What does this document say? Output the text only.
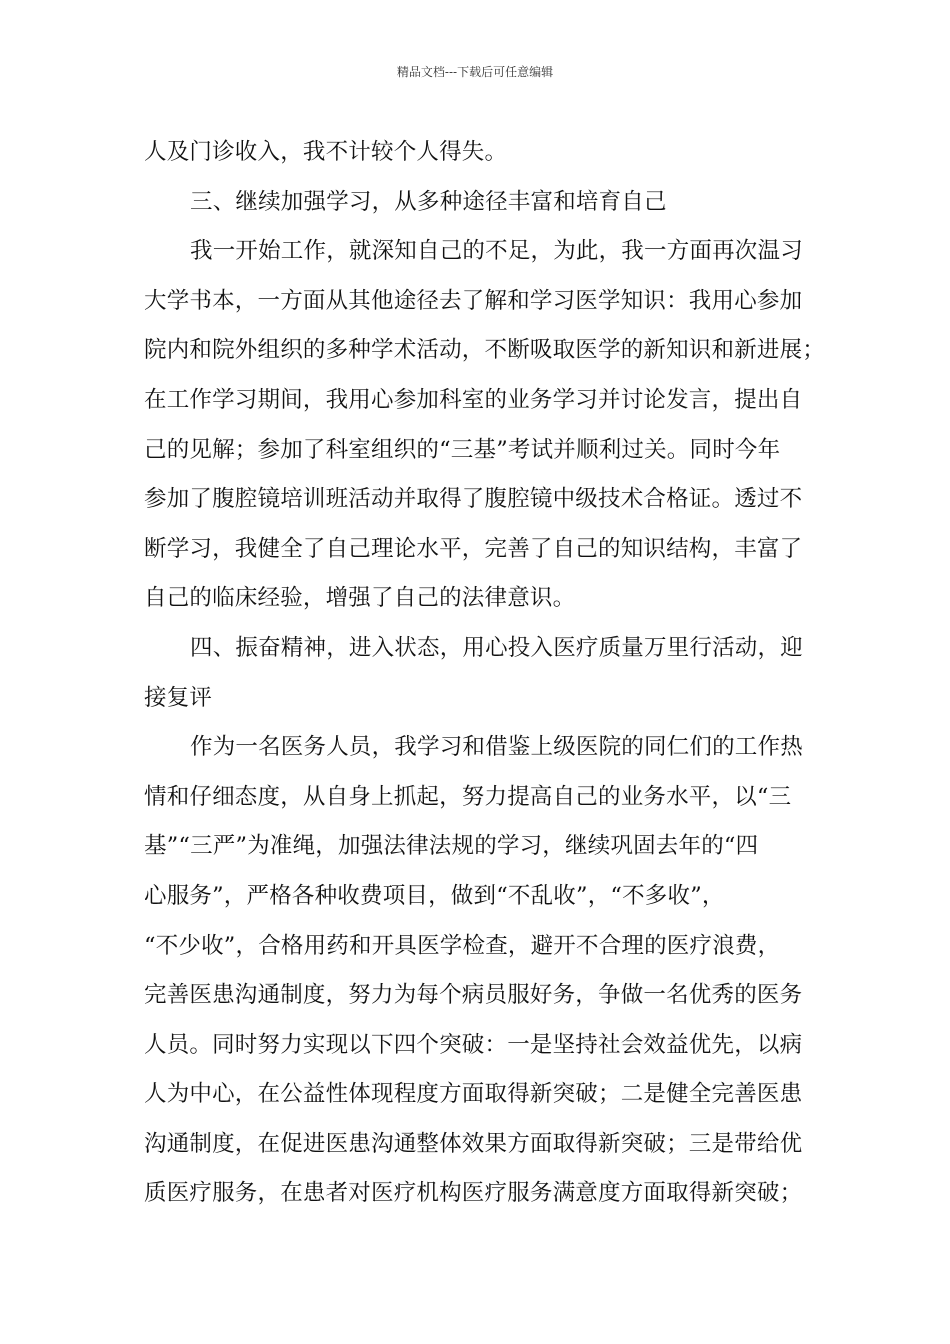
精品文档---下载后可任意编辑
人及门诊收入，我不计较个人得失。
三、继续加强学习，从多种途径丰富和培育自己
我一开始工作，就深知自己的不足，为此，我一方面再次温习
大学书本，一方面从其他途径去了解和学习医学知识：我用心参加
院内和院外组织的多种学术活动，不断吸取医学的新知识和新进展；
在工作学习期间，我用心参加科室的业务学习并讨论发言，提出自
己的见解；参加了科室组织的“三基”考试并顺利过关。同时今年
参加了腹腔镜培训班活动并取得了腹腔镜中级技术合格证。透过不
断学习，我健全了自己理论水平，完善了自己的知识结构，丰富了
自己的临床经验，增强了自己的法律意识。
四、振奋精神，进入状态，用心投入医疗质量万里行活动，迎
接复评
作为一名医务人员，我学习和借鉴上级医院的同仁们的工作热
情和仔细态度，从自身上抓起，努力提高自己的业务水平，以“三
基”“三严”为准绳，加强法律法规的学习，继续巩固去年的“四
心服务”，严格各种收费项目，做到“不乱收”，“不多收”，
“不少收”，合格用药和开具医学检查，避开不合理的医疗浪费，
完善医患沟通制度，努力为每个病员服好务，争做一名优秀的医务
人员。同时努力实现以下四个突破：一是坚持社会效益优先，以病
人为中心，在公益性体现程度方面取得新突破；二是健全完善医患
沟通制度，在促进医患沟通整体效果方面取得新突破；三是带给优
质医疗服务，在患者对医疗机构医疗服务满意度方面取得新突破；
